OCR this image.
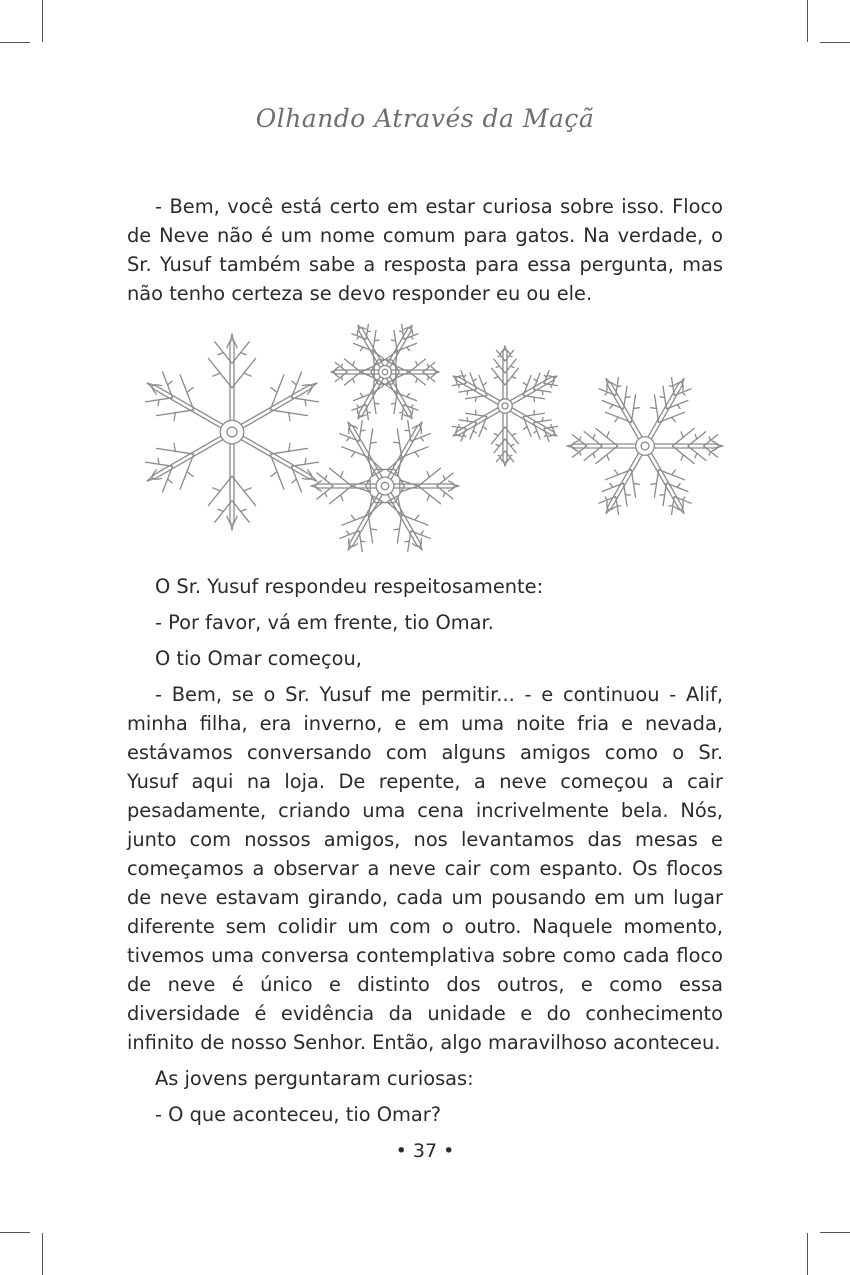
Olhando Através da Maçã

- Bem, você está certo em estar curiosa sobre isso. Floco de Neve não é um nome comum para gatos. Na verdade, o Sr. Yusuf também sabe a resposta para essa pergunta, mas não tenho certeza se devo responder eu ou ele.

O Sr. Yusuf respondeu respeitosamente:

- Por favor, vá em frente, tio Omar.

O tio Omar começou,

- Bem, se o Sr. Yusuf me permitir... - e continuou - Alif, minha filha, era inverno, e em uma noite fria e nevada, estávamos conversando com alguns amigos como o Sr. Yusuf aqui na loja. De repente, a neve começou a cair pesadamente, criando uma cena incrivelmente bela. Nós, junto com nossos amigos, nos levantamos das mesas e começamos a observar a neve cair com espanto. Os flocos de neve estavam girando, cada um pousando em um lugar diferente sem colidir um com o outro. Naquele momento, tivemos uma conversa contemplativa sobre como cada floco de neve é único e distinto dos outros, e como essa diversidade é evidência da unidade e do conhecimento infinito de nosso Senhor. Então, algo maravilhoso aconteceu.

As jovens perguntaram curiosas:

- O que aconteceu, tio Omar?

• 37 •
